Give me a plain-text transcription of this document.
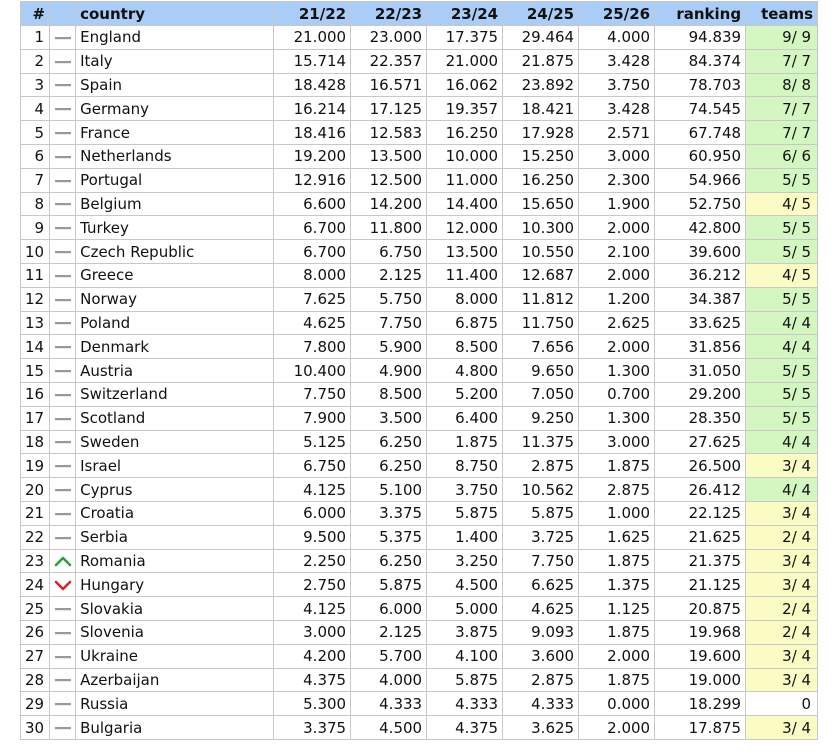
#		country	21/22	22/23	23/24	24/25	25/26	ranking	teams
1		England	21.000	23.000	17.375	29.464	4.000	94.839	9/ 9
2		Italy	15.714	22.357	21.000	21.875	3.428	84.374	7/ 7
3		Spain	18.428	16.571	16.062	23.892	3.750	78.703	8/ 8
4		Germany	16.214	17.125	19.357	18.421	3.428	74.545	7/ 7
5		France	18.416	12.583	16.250	17.928	2.571	67.748	7/ 7
6		Netherlands	19.200	13.500	10.000	15.250	3.000	60.950	6/ 6
7		Portugal	12.916	12.500	11.000	16.250	2.300	54.966	5/ 5
8		Belgium	6.600	14.200	14.400	15.650	1.900	52.750	4/ 5
9		Turkey	6.700	11.800	12.000	10.300	2.000	42.800	5/ 5
10		Czech Republic	6.700	6.750	13.500	10.550	2.100	39.600	5/ 5
11		Greece	8.000	2.125	11.400	12.687	2.000	36.212	4/ 5
12		Norway	7.625	5.750	8.000	11.812	1.200	34.387	5/ 5
13		Poland	4.625	7.750	6.875	11.750	2.625	33.625	4/ 4
14		Denmark	7.800	5.900	8.500	7.656	2.000	31.856	4/ 4
15		Austria	10.400	4.900	4.800	9.650	1.300	31.050	5/ 5
16		Switzerland	7.750	8.500	5.200	7.050	0.700	29.200	5/ 5
17		Scotland	7.900	3.500	6.400	9.250	1.300	28.350	5/ 5
18		Sweden	5.125	6.250	1.875	11.375	3.000	27.625	4/ 4
19		Israel	6.750	6.250	8.750	2.875	1.875	26.500	3/ 4
20		Cyprus	4.125	5.100	3.750	10.562	2.875	26.412	4/ 4
21		Croatia	6.000	3.375	5.875	5.875	1.000	22.125	3/ 4
22		Serbia	9.500	5.375	1.400	3.725	1.625	21.625	2/ 4
23		Romania	2.250	6.250	3.250	7.750	1.875	21.375	3/ 4
24		Hungary	2.750	5.875	4.500	6.625	1.375	21.125	3/ 4
25		Slovakia	4.125	6.000	5.000	4.625	1.125	20.875	2/ 4
26		Slovenia	3.000	2.125	3.875	9.093	1.875	19.968	2/ 4
27		Ukraine	4.200	5.700	4.100	3.600	2.000	19.600	3/ 4
28		Azerbaijan	4.375	4.000	5.875	2.875	1.875	19.000	3/ 4
29		Russia	5.300	4.333	4.333	4.333	0.000	18.299	0
30		Bulgaria	3.375	4.500	4.375	3.625	2.000	17.875	3/ 4
